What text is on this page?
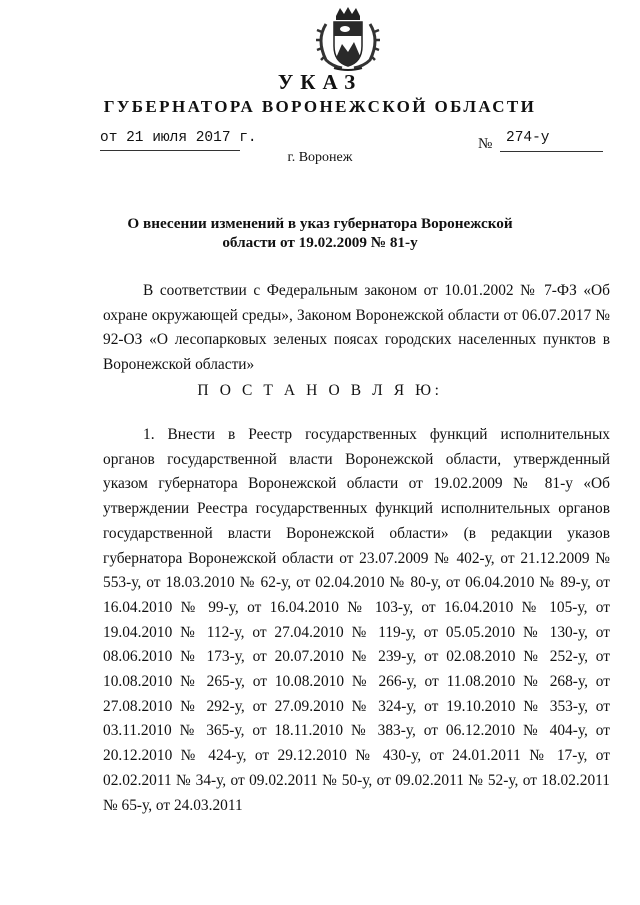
УКАЗ
ГУБЕРНАТОРА ВОРОНЕЖСКОЙ ОБЛАСТИ
от 21 июля 2017 г.	№ 274-у
г. Воронеж
О внесении изменений в указ губернатора Воронежской области от 19.02.2009 № 81-у
В соответствии с Федеральным законом от 10.01.2002 № 7-ФЗ «Об охране окружающей среды», Законом Воронежской области от 06.07.2017 № 92-ОЗ «О лесопарковых зеленых поясах городских населенных пунктов в Воронежской области»
П О С Т А Н О В Л Я Ю:
1. Внести в Реестр государственных функций исполнительных органов государственной власти Воронежской области, утвержденный указом губернатора Воронежской области от 19.02.2009 № 81-у «Об утверждении Реестра государственных функций исполнительных органов государственной власти Воронежской области» (в редакции указов губернатора Воронежской области от 23.07.2009 № 402-у, от 21.12.2009 № 553-у, от 18.03.2010 № 62-у, от 02.04.2010 № 80-у, от 06.04.2010 № 89-у, от 16.04.2010 № 99-у, от 16.04.2010 № 103-у, от 16.04.2010 № 105-у, от 19.04.2010 № 112-у, от 27.04.2010 № 119-у, от 05.05.2010 № 130-у, от 08.06.2010 № 173-у, от 20.07.2010 № 239-у, от 02.08.2010 № 252-у, от 10.08.2010 № 265-у, от 10.08.2010 № 266-у, от 11.08.2010 № 268-у, от 27.08.2010 № 292-у, от 27.09.2010 № 324-у, от 19.10.2010 № 353-у, от 03.11.2010 № 365-у, от 18.11.2010 № 383-у, от 06.12.2010 № 404-у, от 20.12.2010 № 424-у, от 29.12.2010 № 430-у, от 24.01.2011 № 17-у, от 02.02.2011 № 34-у, от 09.02.2011 № 50-у, от 09.02.2011 № 52-у, от 18.02.2011 № 65-у, от 24.03.2011
